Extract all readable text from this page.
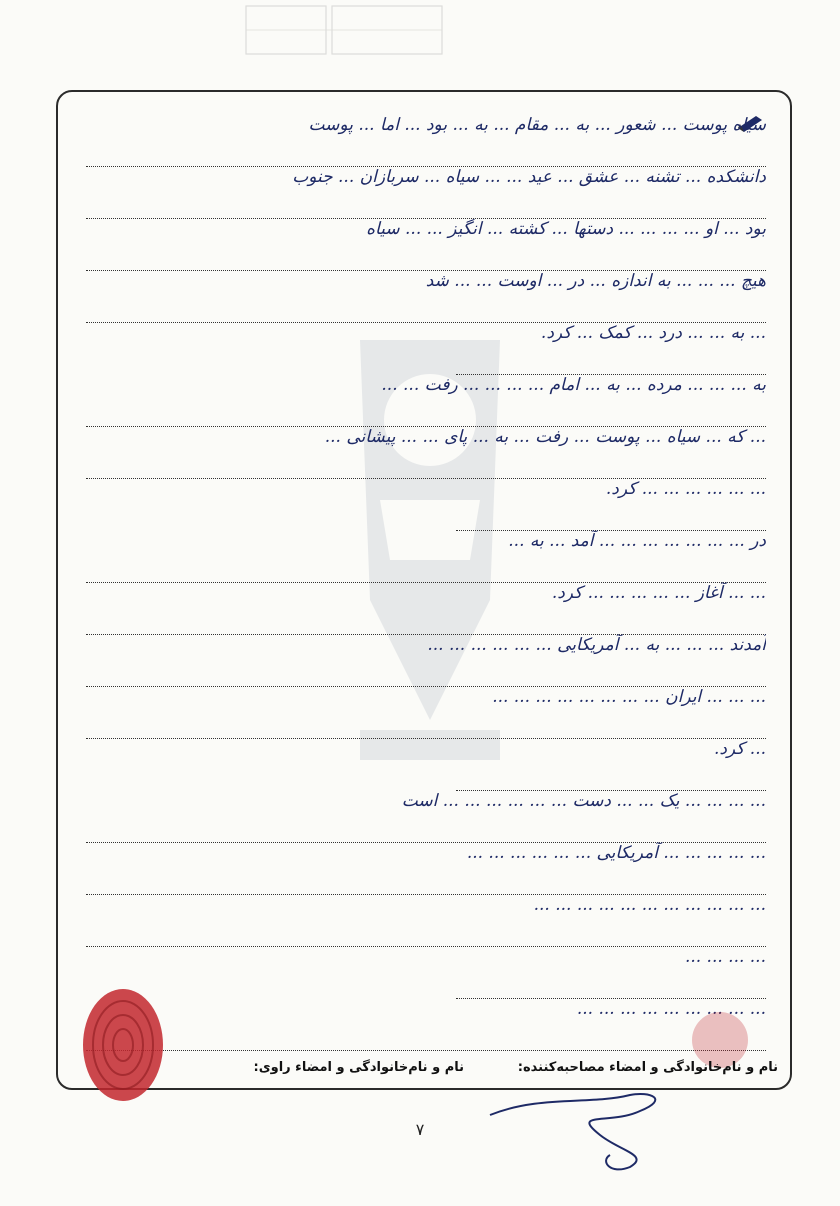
سیاه پوست ... شعور ... به ... مقام ... به ... بود ... اما ... پوست
دانشکده ... تشنه ... عشق ... عید ... ... سیاه ... سربازان ... جنوب
بود ... او ... ... ... ... دستها ... کشته ... انگیز ... ... سیاه
هیچ ... ... ... به اندازه ... در ... اوست ... ... شد
... به ... ... درد ... کمک ... کرد.
به ... ... ... مرده ... به ... امام ... ... ... ... رفت ... ...
... که ... سیاه ... پوست ... رفت ... به ... پای ... ... پیشانی ...
... ... ... ... ... ... کرد.
در ... ... ... ... ... ... ... آمد ... به ...
... ... آغاز ... ... ... ... ... کرد.
آمدند ... ... ... به ... آمریکایی ... ... ... ... ... ...
... ... ... ایران ... ... ... ... ... ... ... ...
... کرد.
... ... ... ... یک ... ... دست ... ... ... ... ... ... است
... ... ... ... ... آمریکایی ... ... ... ... ... ...
... ... ... ... ... ... ... ... ... ... ...
... ... ... ...
... ... ... ... ... ... ... ... ...
نام و نام‌خانوادگی و امضاء مصاحبه‌کننده:
نام و نام‌خانوادگی و امضاء راوی:
۷
